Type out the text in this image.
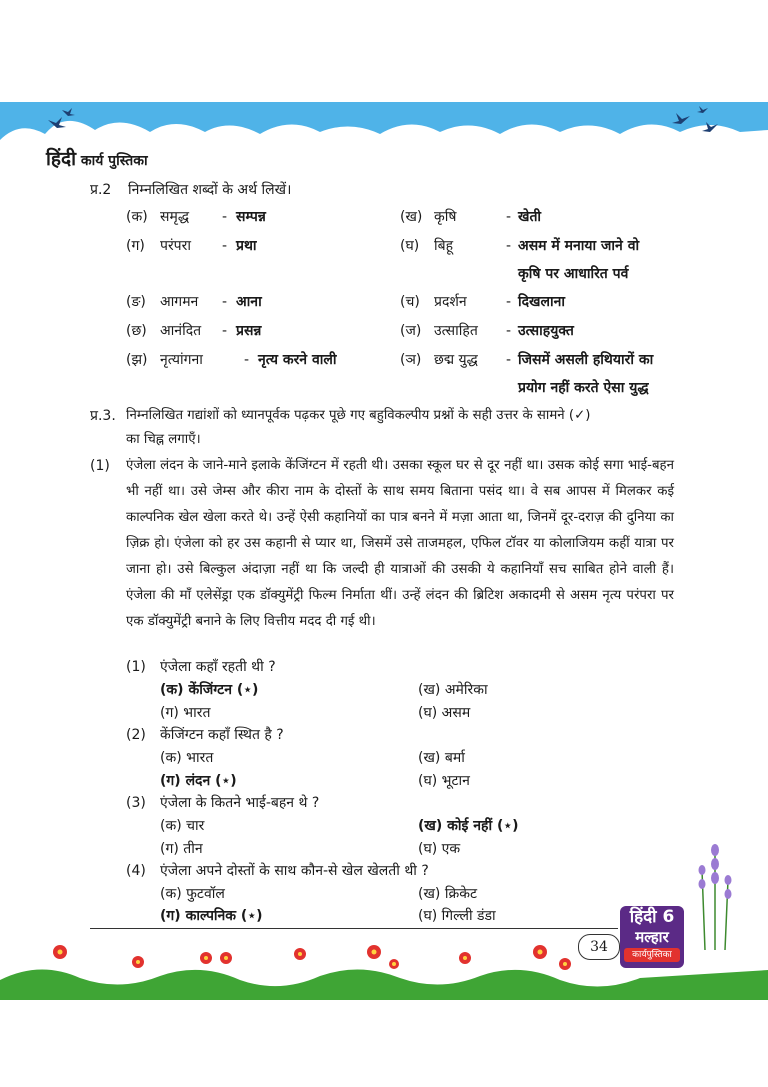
हिंदी कार्य पुस्तिका
प्र.2 निम्नलिखित शब्दों के अर्थ लिखें।
(क) समृद्ध - सम्पन्न	(ख) कृषि	- खेती
(ग) परंपरा - प्रथा	(घ) बिहू	- असम में मनाया जाने वो
कृषि पर आधारित पर्व
(ङ) आगमन - आना	(च) प्रदर्शन	- दिखलाना
(छ) आनंदित - प्रसन्न	(ज) उत्साहित - उत्साहयुक्त
(झ) नृत्यांगना	- नृत्य करने वाली	(ञ) छद्म युद्ध - जिसमें असली हथियारों का
प्रयोग नहीं करते ऐसा युद्ध
प्र.3. निम्नलिखित गद्यांशों को ध्यानपूर्वक पढ़कर पूछे गए बहुविकल्पीय प्रश्नों के सही उत्तर के सामने (✓)
का चिह्न लगाएँ।
(1) एंजेला लंदन के जाने-माने इलाके केंजिंग्टन में रहती थी। उसका स्कूल घर से दूर नहीं था। उसक कोई सगा भाई-बहन भी नहीं था। उसे जेम्स और कीरा नाम के दोस्तों के साथ समय बिताना पसंद था। वे सब आपस में मिलकर कई काल्पनिक खेल खेला करते थे। उन्हें ऐसी कहानियों का पात्र बनने में मज़ा आता था, जिनमें दूर-दराज़ की दुनिया का ज़िक्र हो। एंजेला को हर उस कहानी से प्यार था, जिसमें उसे ताजमहल, एफिल टॉवर या कोलाजियम कहीं यात्रा पर जाना हो। उसे बिल्कुल अंदाज़ा नहीं था कि जल्दी ही यात्राओं की उसकी ये कहानियाँ सच साबित होने वाली हैं। एंजेला की माँ एलेसेंड्रा एक डॉक्युमेंट्री फिल्म निर्माता थीं। उन्हें लंदन की ब्रिटिश अकादमी से असम नृत्य परंपरा पर एक डॉक्युमेंट्री बनाने के लिए वित्तीय मदद दी गई थी।
(1) एंजेला कहाँ रहती थी ?
(क) केंजिंग्टन (⋆)	(ख) अमेरिका
(ग) भारत	(घ) असम
(2) केंजिंग्टन कहाँ स्थित है ?
(क) भारत	(ख) बर्मा
(ग) लंदन (⋆)	(घ) भूटान
(3) एंजेला के कितने भाई-बहन थे ?
(क) चार	(ख) कोई नहीं (⋆)
(ग) तीन	(घ) एक
(4) एंजेला अपने दोस्तों के साथ कौन-से खेल खेलती थी ?
(क) फुटवॉल	(ख) क्रिकेट
(ग) काल्पनिक (⋆)	(घ) गिल्ली डंडा	हिंदी 6
मल्हार
कार्यपुस्तिका
34
